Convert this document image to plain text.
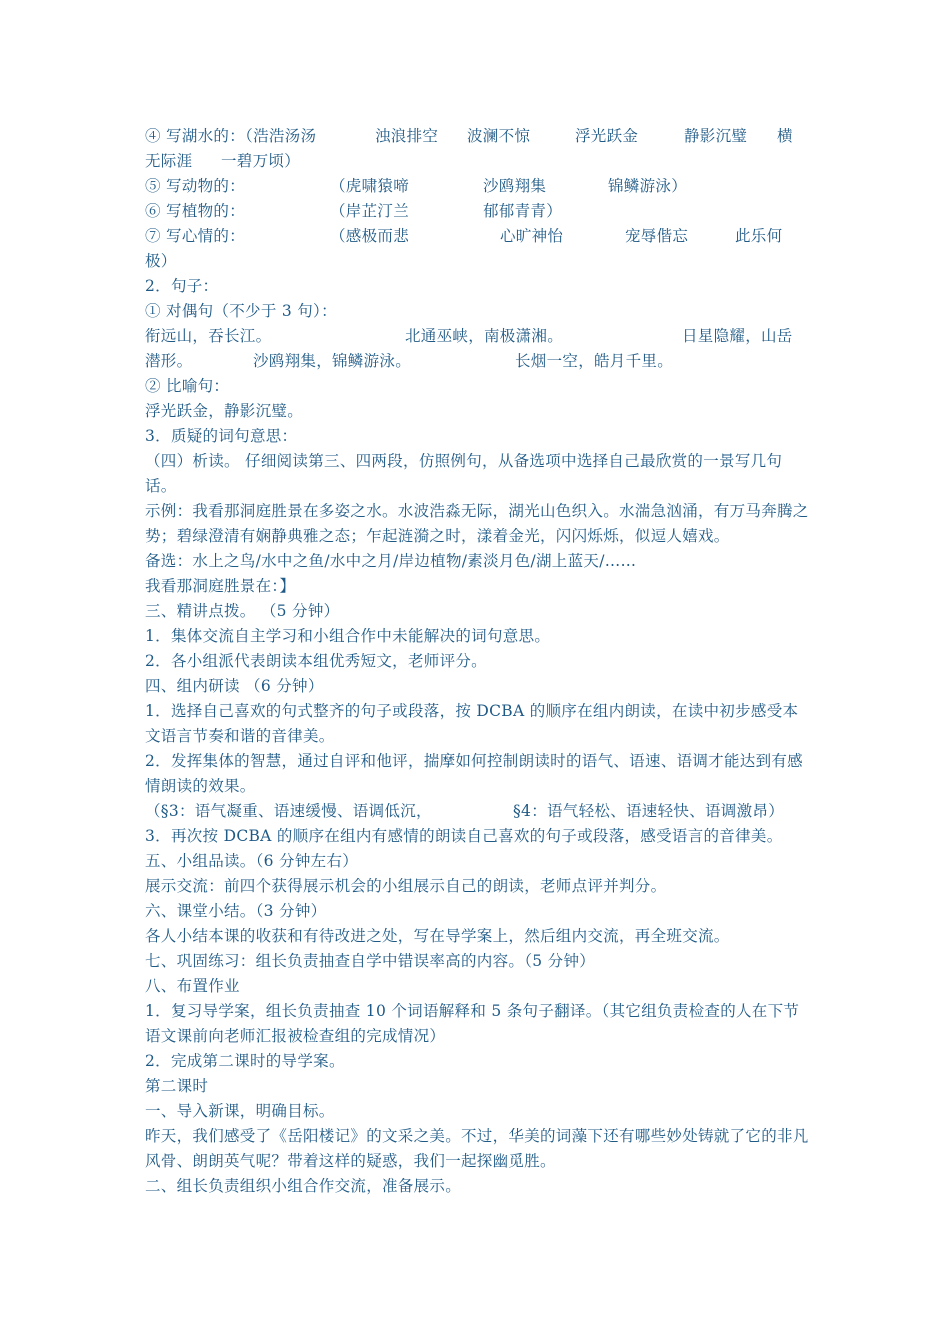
④ 写湖水的：（浩浩汤汤	浊浪排空 波澜不惊	浮光跃金	静影沉璧 横
无际涯 一碧万顷）
⑤ 写动物的：	（虎啸猿啼	沙鸥翔集	锦鳞游泳）
⑥ 写植物的：	（岸芷汀兰	郁郁青青）
⑦ 写心情的：	（感极而悲	心旷神怡	宠辱偕忘	此乐何
极）
2．句子：
① 对偶句（不少于 3 句）：
衔远山，吞长江。	北通巫峡，南极潇湘。	日星隐耀，山岳
潜形。	沙鸥翔集，锦鳞游泳。	长烟一空，皓月千里。
② 比喻句：
浮光跃金，静影沉璧。
3．质疑的词句意思：
（四）析读。 仔细阅读第三、四两段，仿照例句，从备选项中选择自己最欣赏的一景写几句话。
示例：我看那洞庭胜景在多姿之水。水波浩淼无际，湖光山色织入。水湍急汹涌，有万马奔腾之势；碧绿澄清有娴静典雅之态；乍起涟漪之时，漾着金光，闪闪烁烁，似逗人嬉戏。
备选：水上之鸟/水中之鱼/水中之月/岸边植物/素淡月色/湖上蓝天/……
我看那洞庭胜景在：】
三、精讲点拨。 （5 分钟）
1．集体交流自主学习和小组合作中未能解决的词句意思。
2．各小组派代表朗读本组优秀短文，老师评分。
四、组内研读 （6 分钟）
1．选择自己喜欢的句式整齐的句子或段落，按 DCBA 的顺序在组内朗读，在读中初步感受本文语言节奏和谐的音律美。
2．发挥集体的智慧，通过自评和他评，揣摩如何控制朗读时的语气、语速、语调才能达到有感情朗读的效果。
（§3：语气凝重、语速缓慢、语调低沉，	§4：语气轻松、语速轻快、语调激昂）
3．再次按 DCBA 的顺序在组内有感情的朗读自己喜欢的句子或段落，感受语言的音律美。
五、小组品读。（6 分钟左右）
展示交流：前四个获得展示机会的小组展示自己的朗读，老师点评并判分。
六、课堂小结。（3 分钟）
各人小结本课的收获和有待改进之处，写在导学案上，然后组内交流，再全班交流。
七、巩固练习：组长负责抽查自学中错误率高的内容。（5 分钟）
八、布置作业
1．复习导学案，组长负责抽查 10 个词语解释和 5 条句子翻译。（其它组负责检查的人在下节语文课前向老师汇报被检查组的完成情况）
2．完成第二课时的导学案。
第二课时
一、导入新课，明确目标。
昨天，我们感受了《岳阳楼记》的文采之美。不过，华美的词藻下还有哪些妙处铸就了它的非凡风骨、朗朗英气呢？带着这样的疑惑，我们一起探幽觅胜。
二、组长负责组织小组合作交流，准备展示。
